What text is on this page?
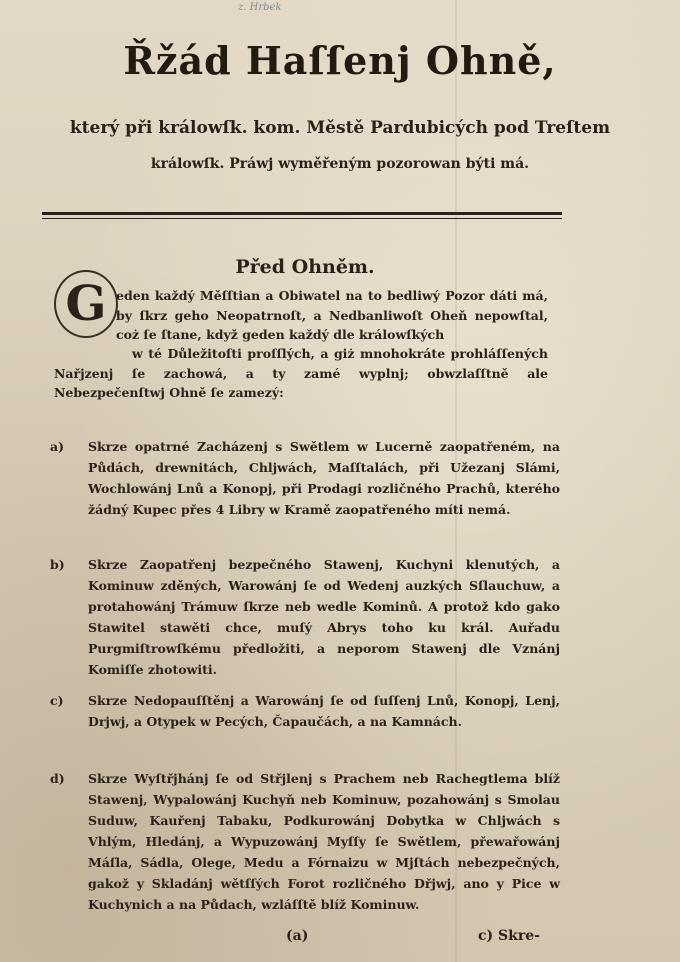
z. Hrbek
Řžád Haſſenj Ohně,
který při králowſk. kom. Městě Pardubicých pod Treſtem
králowſk. Práwj wyměřeným pozorowan býti má.
Před Ohněm.
G eden každý Měſſtian a Obiwatel na to bedliwý Pozor dáti má, by ſkrz geho Neopatrnoſt, a Nedbanliwoſt Oheň nepowſtal, coż ſe ſtane, když geden každý dle králowſkých
w té Důležitoſti proſſlých, a giż mnohokráte prohláſſených Nařjzenj ſe zachowá, a ty zamé wyplnj; obwzlaſſtně ale Nebezpečenſtwj Ohně ſe zamezý:
a) Skrze opatrné Zacházenj s Swětlem w Lucerně zaopatřeném, na Půdách, drewnitách, Chljwách, Maſſtalách, při Užezanj Slámi, Wochlowánj Lnů a Konopj, při Prodagi rozličného Prachů, kterého žádný Kupec přes 4 Libry w Kramě zaopatřeného míti nemá.
b) Skrze Zaopatřenj bezpečného Stawenj, Kuchyni klenutých, a Kominuw zděných, Warowánj ſe od Wedenj auzkých Sſlauchuw, a protahowánj Trámuw ſkrze neb wedle Kominů. A protož kdo gako Stawitel stawěti chce, muſý Abrys toho ku král. Auřadu Purgmiſtrowſkému předložiti, a neporom Stawenj dle Vznánj Komiſſe zhotowiti.
c) Skrze Nedopauſſtěnj a Warowánj ſe od ſuſſenj Lnů, Konopj, Lenj, Drjwj, a Otypek w Pecých, Čapaučách, a na Kamnách.
d) Skrze Wyſtřjhánj ſe od Střjlenj s Prachem neb Rachegtlema blíž Stawenj, Wypalowánj Kuchyň neb Kominuw, pozahowánj s Smolau Suduw, Kauřenj Tabaku, Podkurowánj Dobytka w Chljwách s Vhlým, Hledánj, a Wypuzowánj Myſſy ſe Swětlem, přewařowánj Máſla, Sádla, Olege, Medu a Fórnaizu w Mjſtách nebezpečných, gakož y Skladánj wětſſých Forot rozličného Dřjwj, ano y Pice w Kuchynich a na Půdach, wzláſſtě blíž Kominuw.
(a)	c) Skre-
